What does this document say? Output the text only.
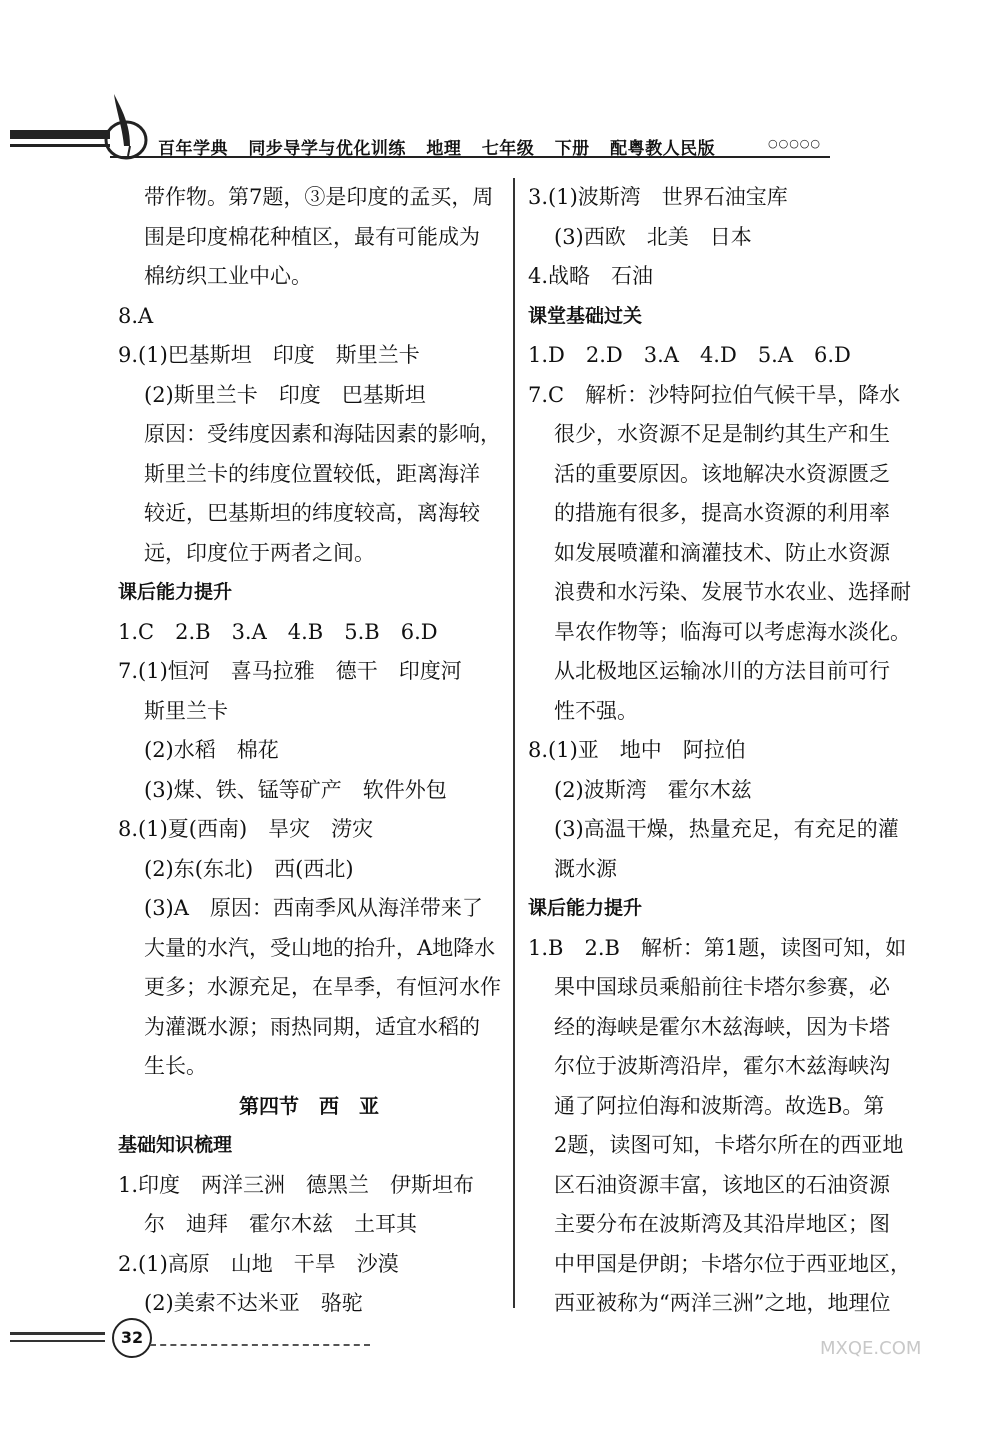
百年学典 同步导学与优化训练 地理 七年级 下册 配粤教人民版	○○○○○
带作物。第7题，③是印度的孟买，周
围是印度棉花种植区，最有可能成为
棉纺织工业中心。
8.A
9.(1)巴基斯坦　印度　斯里兰卡
(2)斯里兰卡　印度　巴基斯坦
原因：受纬度因素和海陆因素的影响，
斯里兰卡的纬度位置较低，距离海洋
较近，巴基斯坦的纬度较高，离海较
远，印度位于两者之间。
课后能力提升
1.C　2.B　3.A　4.B　5.B　6.D
7.(1)恒河　喜马拉雅　德干　印度河
斯里兰卡
(2)水稻　棉花
(3)煤、铁、锰等矿产　软件外包
8.(1)夏(西南)　旱灾　涝灾
(2)东(东北)　西(西北)
(3)A　原因：西南季风从海洋带来了
大量的水汽，受山地的抬升，A地降水
更多；水源充足，在旱季，有恒河水作
为灌溉水源；雨热同期，适宜水稻的
生长。
第四节　西　亚
基础知识梳理
1.印度　两洋三洲　德黑兰　伊斯坦布
尔　迪拜　霍尔木兹　土耳其
2.(1)高原　山地　干旱　沙漠
(2)美索不达米亚　骆驼
3.(1)波斯湾　世界石油宝库
(3)西欧　北美　日本
4.战略　石油
课堂基础过关
1.D　2.D　3.A　4.D　5.A　6.D
7.C　解析：沙特阿拉伯气候干旱，降水
很少，水资源不足是制约其生产和生
活的重要原因。该地解决水资源匮乏
的措施有很多，提高水资源的利用率
如发展喷灌和滴灌技术、防止水资源
浪费和水污染、发展节水农业、选择耐
旱农作物等；临海可以考虑海水淡化。
从北极地区运输冰川的方法目前可行
性不强。
8.(1)亚　地中　阿拉伯
(2)波斯湾　霍尔木兹
(3)高温干燥，热量充足，有充足的灌
溉水源
课后能力提升
1.B　2.B　解析：第1题，读图可知，如
果中国球员乘船前往卡塔尔参赛，必
经的海峡是霍尔木兹海峡，因为卡塔
尔位于波斯湾沿岸，霍尔木兹海峡沟
通了阿拉伯海和波斯湾。故选B。第
2题，读图可知，卡塔尔所在的西亚地
区石油资源丰富，该地区的石油资源
主要分布在波斯湾及其沿岸地区；图
中甲国是伊朗；卡塔尔位于西亚地区，
西亚被称为“两洋三洲”之地，地理位
32
MXQE.COM
